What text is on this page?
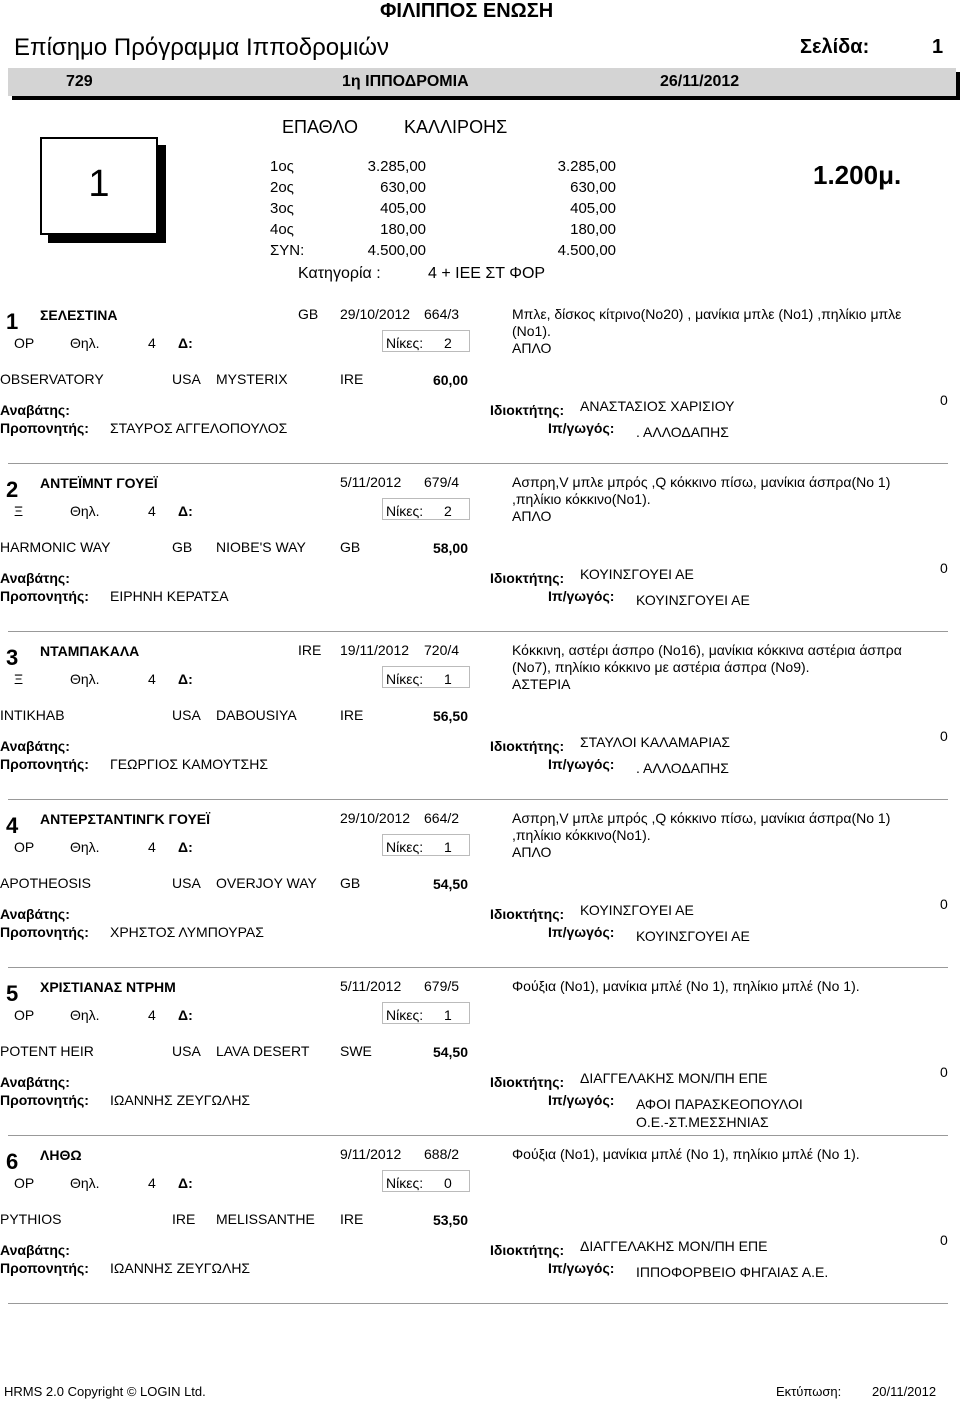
ΦΙΛΙΠΠΟΣ ΕΝΩΣΗ
Επίσημο Πρόγραμμα Ιπποδρομιών	Σελίδα:	1
729	1η ΙΠΠΟΔΡΟΜΙΑ	26/11/2012
ΕΠΑΘΛΟ	ΚΑΛΛΙΡΟΗΣ
1	1.200μ.
1ος	3.285,00	3.285,00
2ος	630,00	630,00
3ος	405,00	405,00
4ος	180,00	180,00
ΣΥΝ:	4.500,00	4.500,00
Κατηγορία :	4 + ΙΕΕ ΣΤ ΦΟΡ
1 ΣΕΛΕΣΤΙΝΑ	GB 29/10/2012 664/3	Μπλε, δίσκος κίτρινο(Νο20) , μανίκια μπλε (Νο1) ,πηλίκιο μπλε (Νο1).
ΑΠΛΟ
ΟΡ	Θηλ.	4 Δ:	Νίκες: 2
OBSERVATORY	USA MYSTERIX	IRE	60,00
Αναβάτης:	Ιδιοκτήτης: ΑΝΑΣΤΑΣΙΟΣ ΧΑΡΙΣΙΟΥ	0
Προπονητής: ΣΤΑΥΡΟΣ ΑΓΓΕΛΟΠΟΥΛΟΣ	Ιπ/γωγός: . ΑΛΛΟΔΑΠΗΣ
2 ΑΝΤΕΪΜΝΤ ΓΟΥΕΪ	5/11/2012 679/4	Ασπρη,V μπλε μπρός ,Q κόκκινο πίσω, μανίκια άσπρα(Νο 1) ,πηλίκιο κόκκινο(Νο1).
ΑΠΛΟ
Ξ	Θηλ.	4 Δ:	Νίκες: 2
HARMONIC WAY	GB NIOBE'S WAY GB	58,00
Αναβάτης:	Ιδιοκτήτης: ΚΟΥΙΝΣΓΟΥΕΙ ΑΕ	0
Προπονητής: ΕΙΡΗΝΗ ΚΕΡΑΤΣΑ	Ιπ/γωγός: ΚΟΥΙΝΣΓΟΥΕΙ ΑΕ
3 ΝΤΑΜΠΑΚΑΛΑ	IRE 19/11/2012 720/4	Κόκκινη, αστέρι άσπρο (Νο16), μανίκια κόκκινα αστέρια άσπρα (Νο7), πηλίκιο κόκκινο με αστέρια άσπρα (Νο9).
ΑΣΤΕΡΙΑ
Ξ	Θηλ.	4 Δ:	Νίκες: 1
INTIKHAB	USA DABOUSIYA	IRE	56,50
Αναβάτης:	Ιδιοκτήτης: ΣΤΑΥΛΟΙ ΚΑΛΑΜΑΡΙΑΣ	0
Προπονητής: ΓΕΩΡΓΙΟΣ ΚΑΜΟΥΤΣΗΣ	Ιπ/γωγός: . ΑΛΛΟΔΑΠΗΣ
4 ΑΝΤΕΡΣΤΑΝΤΙΝΓΚ ΓΟΥΕΪ	29/10/2012 664/2	Ασπρη,V μπλε μπρός ,Q κόκκινο πίσω, μανίκια άσπρα(Νο 1) ,πηλίκιο κόκκινο(Νο1).
ΑΠΛΟ
ΟΡ	Θηλ.	4 Δ:	Νίκες: 1
APOTHEOSIS	USA OVERJOY WAY GB	54,50
Αναβάτης:	Ιδιοκτήτης: ΚΟΥΙΝΣΓΟΥΕΙ ΑΕ	0
Προπονητής: ΧΡΗΣΤΟΣ ΛΥΜΠΟΥΡΑΣ	Ιπ/γωγός: ΚΟΥΙΝΣΓΟΥΕΙ ΑΕ
5 ΧΡΙΣΤΙΑΝΑΣ ΝΤΡΗΜ	5/11/2012 679/5	Φούξια (Νο1), μανίκια μπλέ (Νο 1), πηλίκιο μπλέ (Νο 1).
ΟΡ	Θηλ.	4 Δ:	Νίκες: 1
POTENT HEIR	USA LAVA DESERT SWE	54,50
Αναβάτης:	Ιδιοκτήτης: ΔΙΑΓΓΕΛΑΚΗΣ ΜΟΝ/ΠΗ ΕΠΕ	0
Προπονητής: ΙΩΑΝΝΗΣ ΖΕΥΓΩΛΗΣ	Ιπ/γωγός: ΑΦΟΙ ΠΑΡΑΣΚΕΟΠΟΥΛΟΙ
Ο.Ε.-ΣΤ.ΜΕΣΣΗΝΙΑΣ
6 ΛΗΘΩ	9/11/2012 688/2	Φούξια (Νο1), μανίκια μπλέ (Νο 1), πηλίκιο μπλέ (Νο 1).
ΟΡ	Θηλ.	4 Δ:	Νίκες: 0
PYTHIOS	IRE MELISSANTHE IRE	53,50
Αναβάτης:	Ιδιοκτήτης: ΔΙΑΓΓΕΛΑΚΗΣ ΜΟΝ/ΠΗ ΕΠΕ	0
Προπονητής: ΙΩΑΝΝΗΣ ΖΕΥΓΩΛΗΣ	Ιπ/γωγός: ΙΠΠΟΦΟΡΒΕΙΟ ΦΗΓΑΙΑΣ Α.Ε.
HRMS 2.0 Copyright © LOGIN Ltd.	Εκτύπωση: 20/11/2012
